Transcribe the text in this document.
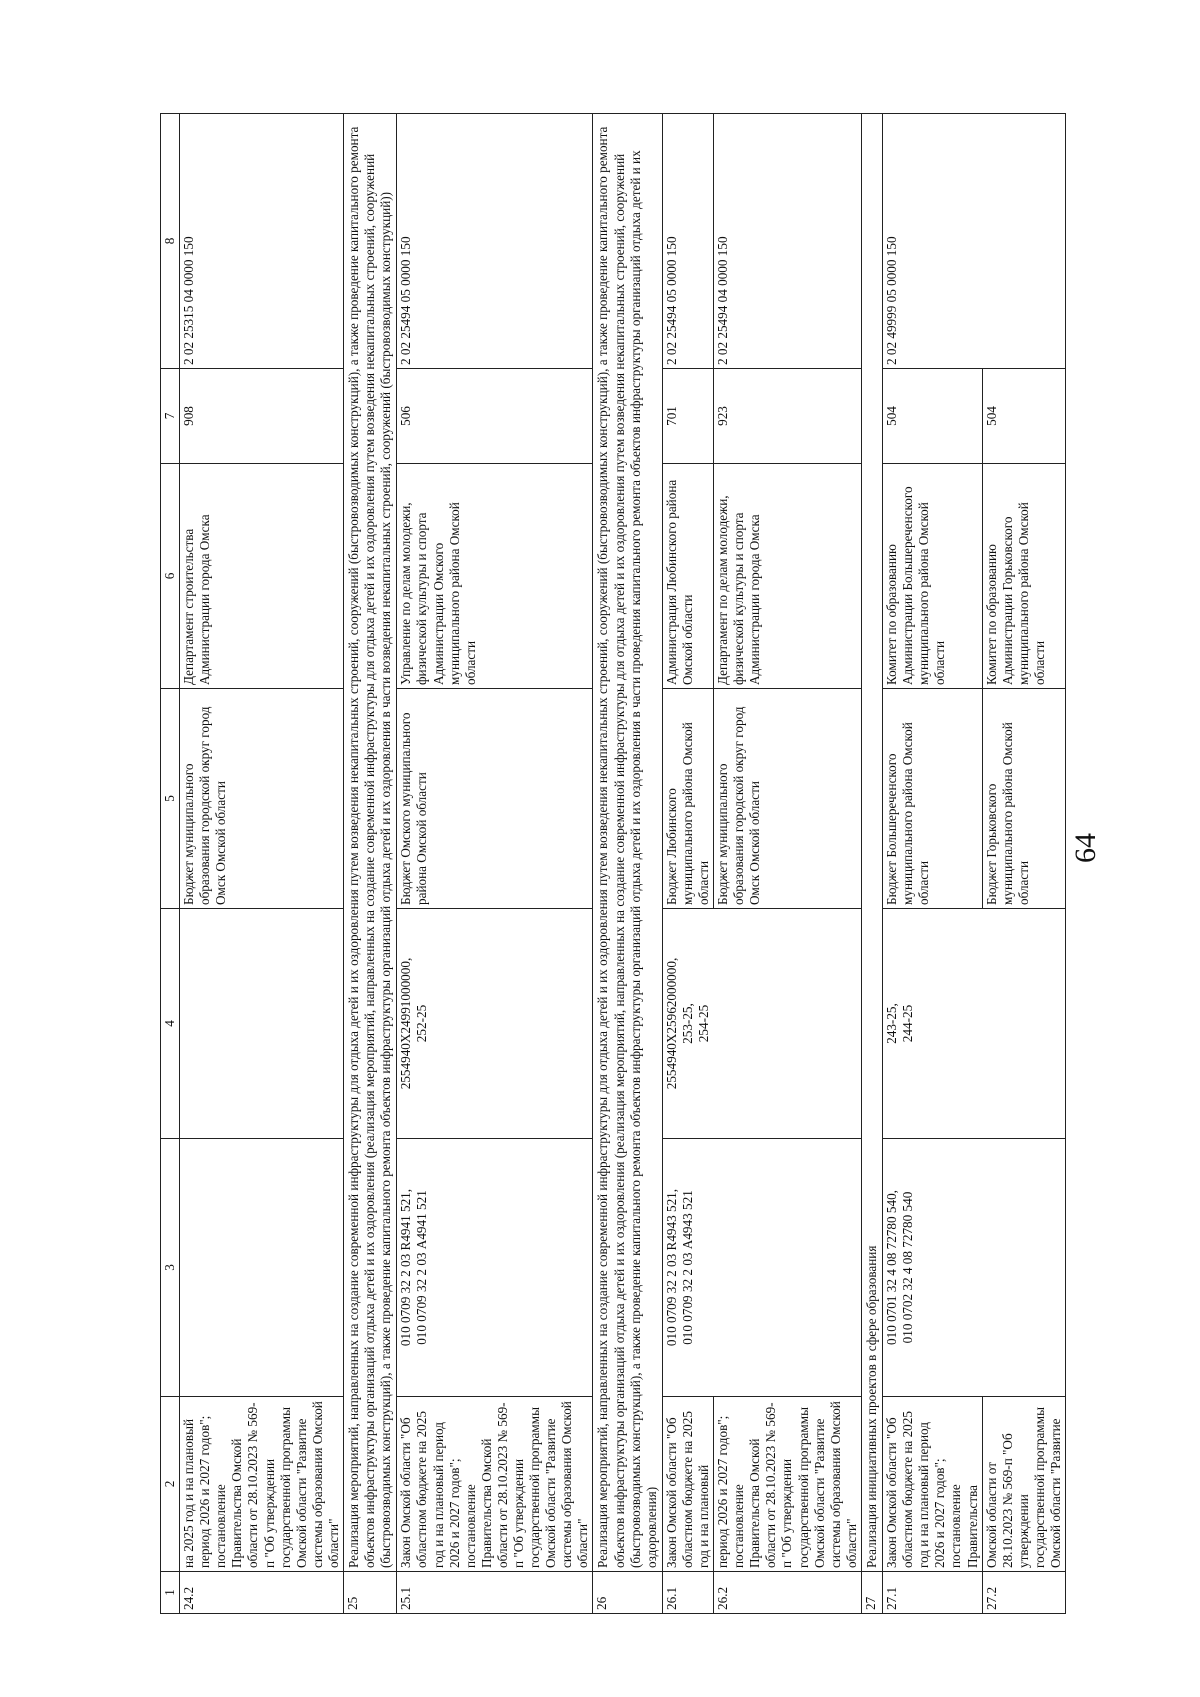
64
1	2	3	4	5	6	7	8
24.2	на 2025 год и на плановый период 2026 и 2027 годов"; постановление Правительства Омской области от 28.10.2023 № 569-п "Об утверждении государственной программы Омской области "Развитие системы образования Омской области"			Бюджет муниципального образования городской округ город Омск Омской области	Департамент строительства Администрации города Омска	908	2 02 25315 04 0000 150
25	Реализация мероприятий, направленных на создание современной инфраструктуры для отдыха детей и их оздоровления путем возведения некапитальных строений, сооружений (быстровозводимых конструкций), а также проведение капитального ремонта объектов инфраструктуры организаций отдыха детей и их оздоровления (реализация мероприятий, направленных на создание современной инфраструктуры для отдыха детей и их оздоровления путем возведения некапитальных строений, сооружений (быстровозводимых конструкций), а также проведение капитального ремонта объектов инфраструктуры организаций отдыха детей и их оздоровления в части возведения некапитальных строений, сооружений (быстровозводимых конструкций))						
25.1	Закон Омской области "Об областном бюджете на 2025 год и на плановый период 2026 и 2027 годов"; постановление Правительства Омской области от 28.10.2023 № 569-п "Об утверждении государственной программы Омской области "Развитие системы образования Омской области"	010 0709 32 2 03 R4941 521,
010 0709 32 2 03 А4941 521	2554940X24991000000,
252-25	Бюджет Омского муниципального района Омской области	Управление по делам молодежи, физической культуры и спорта Администрации Омского муниципального района Омской области	506	2 02 25494 05 0000 150
26	Реализация мероприятий, направленных на создание современной инфраструктуры для отдыха детей и их оздоровления путем возведения некапитальных строений, сооружений (быстровозводимых конструкций), а также проведение капитального ремонта объектов инфраструктуры организаций отдыха детей и их оздоровления (реализация мероприятий, направленных на создание современной инфраструктуры для отдыха детей и их оздоровления путем возведения некапитальных строений, сооружений (быстровозводимых конструкций), а также проведение капитального ремонта объектов инфраструктуры организаций отдыха детей и их оздоровления в части проведения капитального ремонта объектов инфраструктуры организаций отдыха детей и их оздоровления)						
26.1	Закон Омской области "Об областном бюджете на 2025 год и на плановый	010 0709 32 2 03 R4943 521,
010 0709 32 2 03 А4943 521	2554940X25962000000,
253-25,
254-25	Бюджет Любинского муниципального района Омской области	Администрация Любинского района Омской области	701	2 02 25494 05 0000 150
26.2	период 2026 и 2027 годов"; постановление Правительства Омской области от 28.10.2023 № 569-п "Об утверждении государственной программы Омской области "Развитие системы образования Омской области"			Бюджет муниципального образования городской округ город Омск Омской области	Департамент по делам молодежи, физической культуры и спорта Администрации города Омска	923	2 02 25494 04 0000 150
27	Реализация инициативных проектов в сфере образования						
27.1	Закон Омской области "Об областном бюджете на 2025 год и на плановый период 2026 и 2027 годов"; постановление Правительства	010 0701 32 4 08 72780 540,
010 0702 32 4 08 72780 540	243-25,
244-25	Бюджет Большереченского муниципального района Омской области	Комитет по образованию Администрации Большереченского муниципального района Омской области	504	2 02 49999 05 0000 150
27.2	Омской области от 28.10.2023 № 569-п "Об утверждении государственной программы Омской области "Развитие			Бюджет Горьковского муниципального района Омской области	Комитет по образованию Администрации Горьковского муниципального района Омской области	504	
